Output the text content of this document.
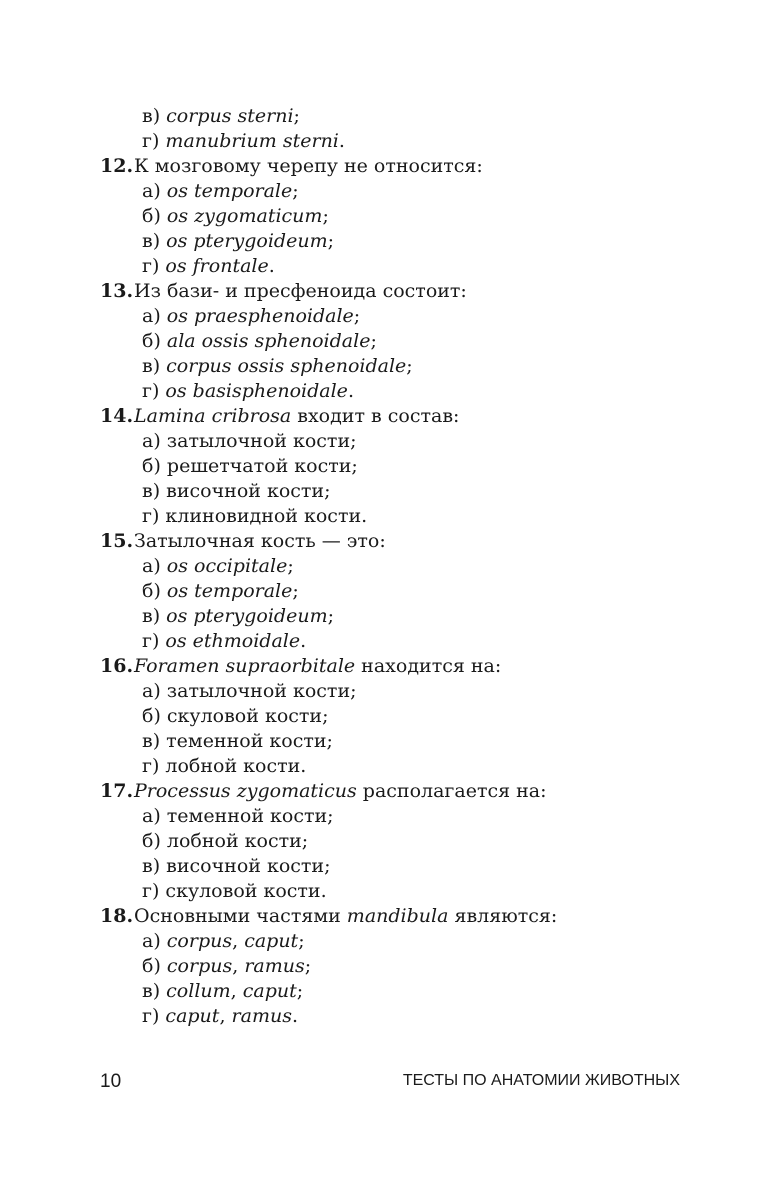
в) corpus sterni;
г) manubrium sterni.
12.К мозговому черепу не относится:
а) os temporale;
б) os zygomaticum;
в) os pterygoideum;
г) os frontale.
13.Из бази- и пресфеноида состоит:
а) os praesphenoidale;
б) ala ossis sphenoidale;
в) corpus ossis sphenoidale;
г) os basisphenoidale.
14.Lamina cribrosa входит в состав:
а) затылочной кости;
б) решетчатой кости;
в) височной кости;
г) клиновидной кости.
15.Затылочная кость — это:
а) os occipitale;
б) os temporale;
в) os pterygoideum;
г) os ethmoidale.
16.Foramen supraorbitale находится на:
а) затылочной кости;
б) скуловой кости;
в) теменной кости;
г) лобной кости.
17.Processus zygomaticus располагается на:
а) теменной кости;
б) лобной кости;
в) височной кости;
г) скуловой кости.
18.Основными частями mandibula являются:
а) corpus, caput;
б) corpus, ramus;
в) collum, caput;
г) caput, ramus.
10	ТЕСТЫ ПО АНАТОМИИ ЖИВОТНЫХ
